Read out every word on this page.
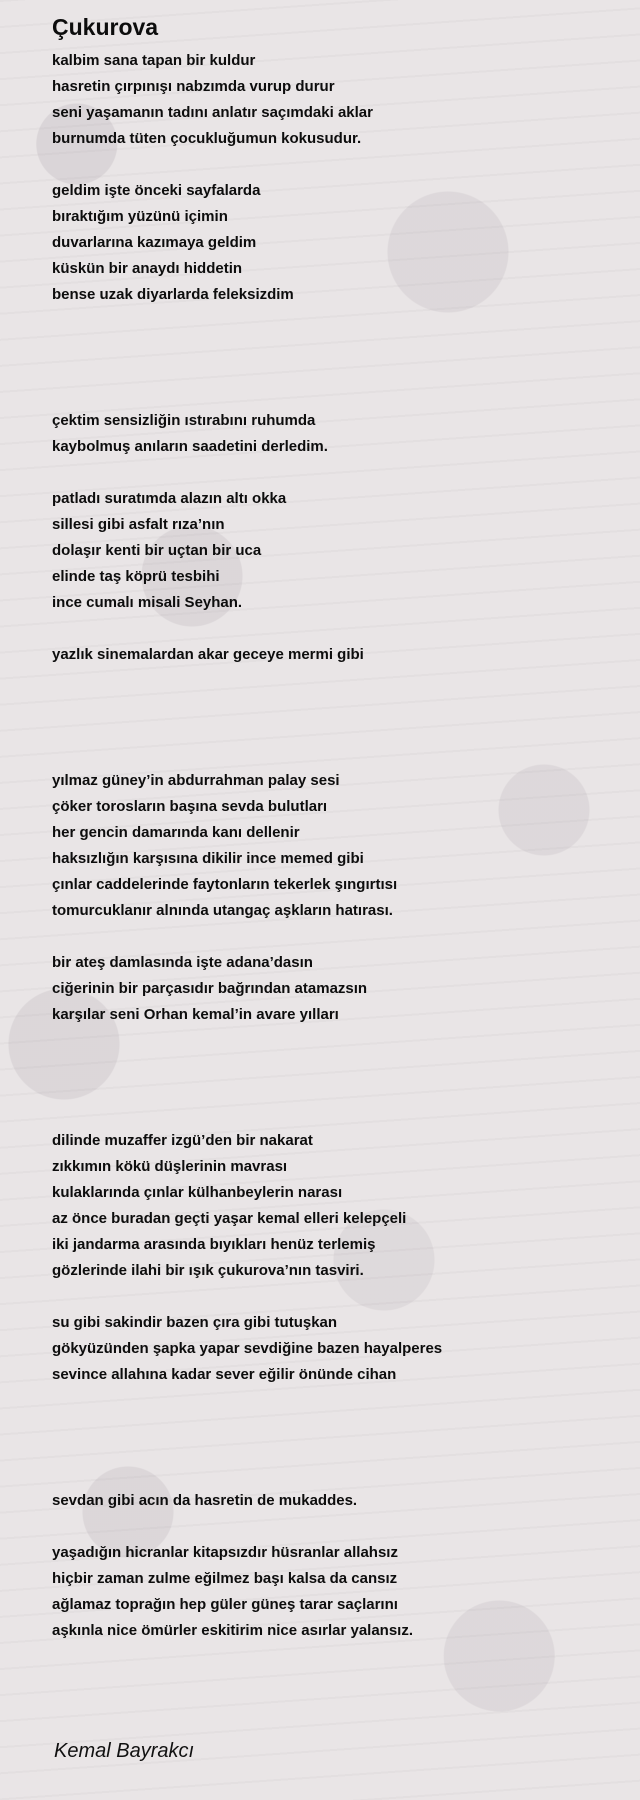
Çukurova
kalbim sana tapan bir kuldur
hasretin çırpınışı nabzımda vurup durur
seni yaşamanın tadını anlatır saçımdaki aklar
burnumda tüten çocukluğumun kokusudur.
geldim işte önceki sayfalarda
bıraktığım yüzünü içimin
duvarlarına kazımaya geldim
küskün bir anaydı hiddetin
bense uzak diyarlarda feleksizdim
çektim sensizliğin ıstırabını ruhumda
kaybolmuş anıların saadetini derledim.
patladı suratımda alazın altı okka
sillesi gibi asfalt rıza’nın
dolaşır kenti bir uçtan bir uca
elinde taş köprü tesbihi
ince cumalı misali Seyhan.
yazlık sinemalardan akar geceye mermi gibi
yılmaz güney’in abdurrahman palay sesi
çöker torosların başına sevda bulutları
her gencin damarında kanı dellenir
haksızlığın karşısına dikilir ince memed gibi
çınlar caddelerinde faytonların tekerlek şıngırtısı
tomurcuklanır alnında utangaç aşkların hatırası.
bir ateş damlasında işte adana’dasın
ciğerinin bir parçasıdır bağrından atamazsın
karşılar seni Orhan kemal’in avare yılları
dilinde muzaffer izgü’den bir nakarat
zıkkımın kökü düşlerinin mavrası
kulaklarında çınlar külhanbeylerin narası
az önce buradan geçti yaşar kemal elleri kelepçeli
iki jandarma arasında bıyıkları henüz terlemiş
gözlerinde ilahi bir ışık çukurova’nın tasviri.
su gibi sakindir bazen çıra gibi tutuşkan
gökyüzünden şapka yapar sevdiğine bazen hayalperes
sevince allahına kadar sever eğilir önünde cihan
sevdan gibi acın da hasretin de mukaddes.
yaşadığın hicranlar kitapsızdır hüsranlar allahsız
hiçbir zaman zulme eğilmez başı kalsa da cansız
ağlamaz toprağın hep güler güneş tarar saçlarını
aşkınla nice ömürler eskitirim nice asırlar yalansız.
Kemal Bayrakcı
